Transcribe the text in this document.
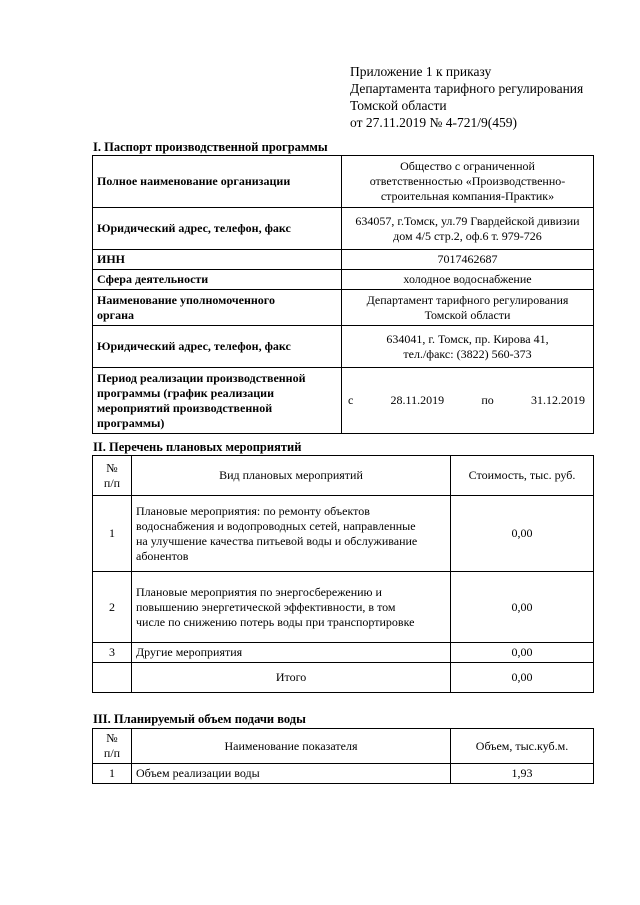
Приложение 1 к приказу
Департамента тарифного регулирования
Томской области
от 27.11.2019 № 4-721/9(459)
I. Паспорт производственной программы
Полное наименование организации	Общество с ограниченной
ответственностью «Производственно-
строительная компания-Практик»
Юридический адрес, телефон, факс	634057, г.Томск, ул.79 Гвардейской дивизии
дом 4/5 стр.2, оф.6 т. 979-726
ИНН	7017462687
Сфера деятельности	холодное водоснабжение
Наименование уполномоченного
органа	Департамент тарифного регулирования
Томской области
Юридический адрес, телефон, факс	634041, г. Томск, пр. Кирова 41,
тел./факс: (3822) 560-373
Период реализации производственной
программы (график реализации
мероприятий производственной
программы)	с 28.11.2019 по 31.12.2019
II. Перечень плановых мероприятий
№
п/п	Вид плановых мероприятий	Стоимость, тыс. руб.
1	Плановые мероприятия: по ремонту объектов
водоснабжения и водопроводных сетей, направленные
на улучшение качества питьевой воды и обслуживание
абонентов	0,00
2	Плановые мероприятия по энергосбережению и
повышению энергетической эффективности, в том
числе по снижению потерь воды при транспортировке	0,00
3	Другие мероприятия	0,00
	Итого	0,00
III. Планируемый объем подачи воды
№
п/п	Наименование показателя	Объем, тыс.куб.м.
1	Объем реализации воды	1,93
